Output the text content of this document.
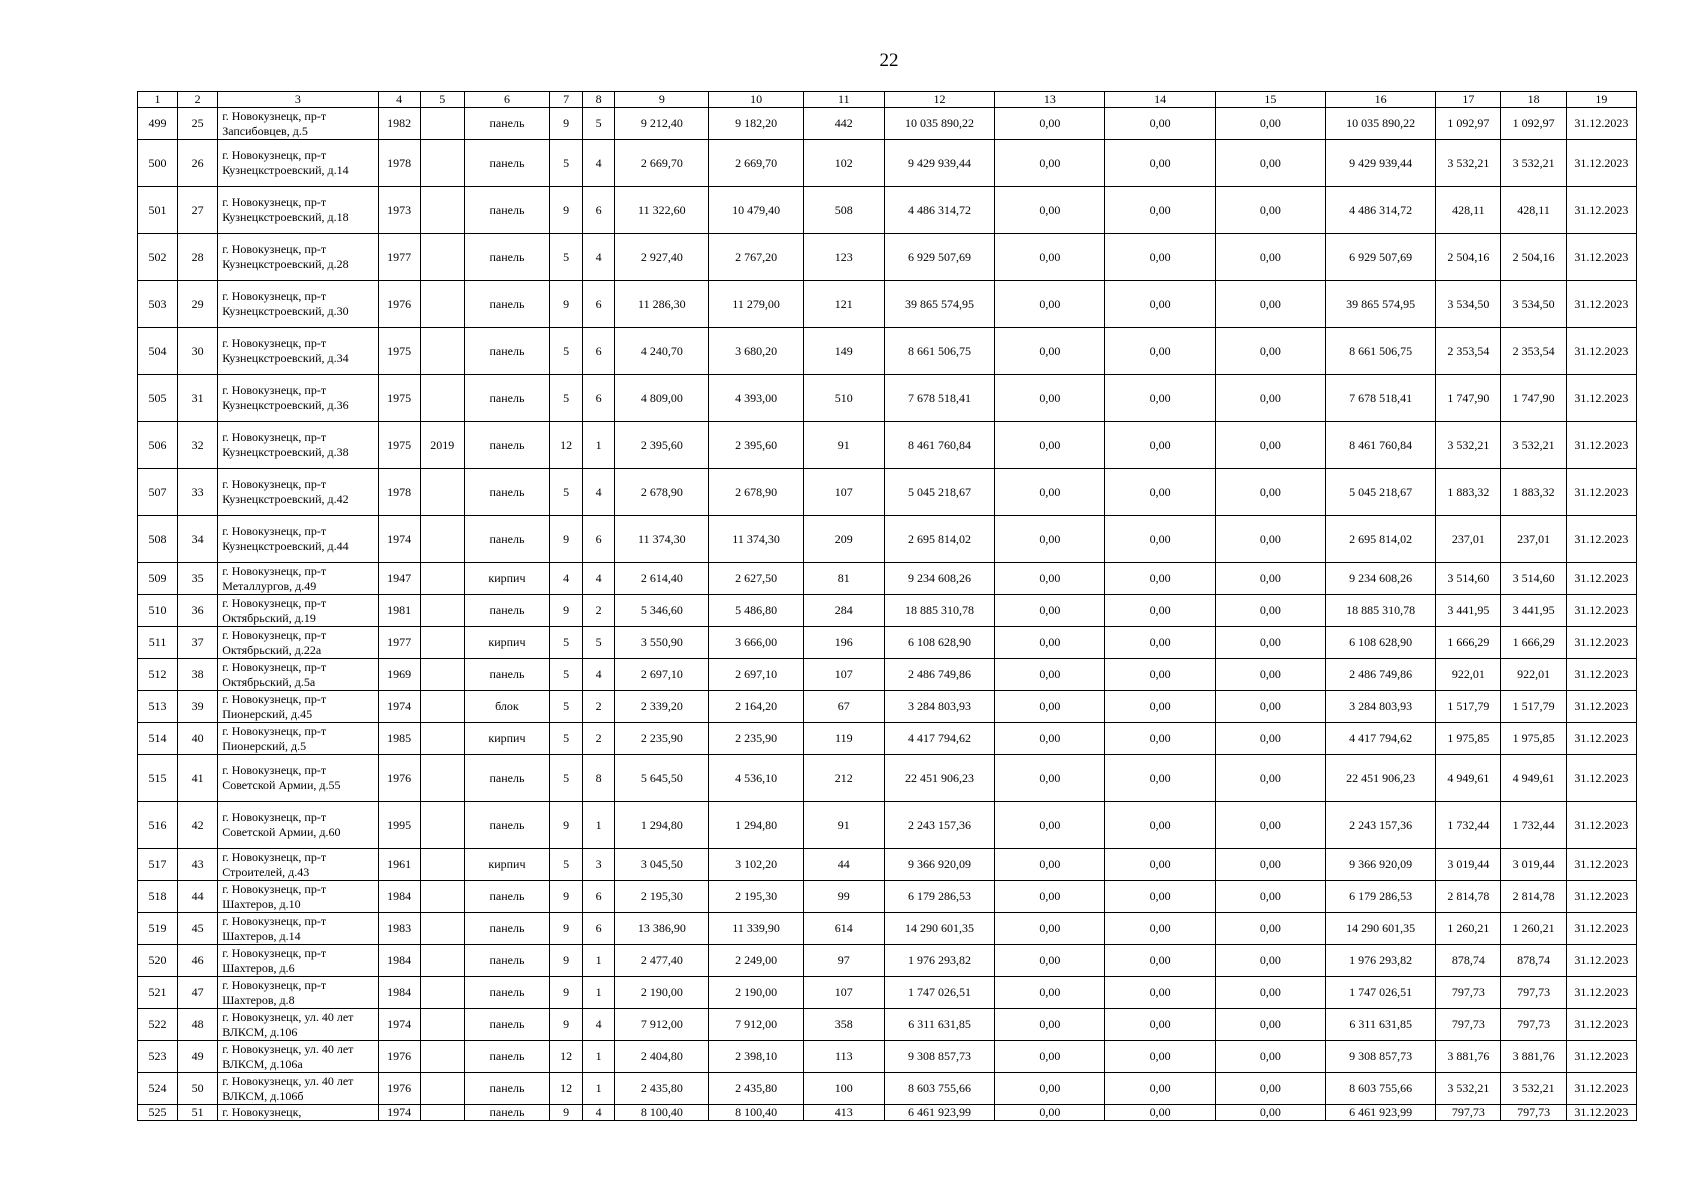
22
1	2	3	4	5	6	7	8	9	10	11	12	13	14	15	16	17	18	19
499	25	г. Новокузнецк, пр-т Запсибовцев, д.5	1982		панель	9	5	9 212,40	9 182,20	442	10 035 890,22	0,00	0,00	0,00	10 035 890,22	1 092,97	1 092,97	31.12.2023
500	26	г. Новокузнецк, пр-т Кузнецкстроевский, д.14	1978		панель	5	4	2 669,70	2 669,70	102	9 429 939,44	0,00	0,00	0,00	9 429 939,44	3 532,21	3 532,21	31.12.2023
501	27	г. Новокузнецк, пр-т Кузнецкстроевский, д.18	1973		панель	9	6	11 322,60	10 479,40	508	4 486 314,72	0,00	0,00	0,00	4 486 314,72	428,11	428,11	31.12.2023
502	28	г. Новокузнецк, пр-т Кузнецкстроевский, д.28	1977		панель	5	4	2 927,40	2 767,20	123	6 929 507,69	0,00	0,00	0,00	6 929 507,69	2 504,16	2 504,16	31.12.2023
503	29	г. Новокузнецк, пр-т Кузнецкстроевский, д.30	1976		панель	9	6	11 286,30	11 279,00	121	39 865 574,95	0,00	0,00	0,00	39 865 574,95	3 534,50	3 534,50	31.12.2023
504	30	г. Новокузнецк, пр-т Кузнецкстроевский, д.34	1975		панель	5	6	4 240,70	3 680,20	149	8 661 506,75	0,00	0,00	0,00	8 661 506,75	2 353,54	2 353,54	31.12.2023
505	31	г. Новокузнецк, пр-т Кузнецкстроевский, д.36	1975		панель	5	6	4 809,00	4 393,00	510	7 678 518,41	0,00	0,00	0,00	7 678 518,41	1 747,90	1 747,90	31.12.2023
506	32	г. Новокузнецк, пр-т Кузнецкстроевский, д.38	1975	2019	панель	12	1	2 395,60	2 395,60	91	8 461 760,84	0,00	0,00	0,00	8 461 760,84	3 532,21	3 532,21	31.12.2023
507	33	г. Новокузнецк, пр-т Кузнецкстроевский, д.42	1978		панель	5	4	2 678,90	2 678,90	107	5 045 218,67	0,00	0,00	0,00	5 045 218,67	1 883,32	1 883,32	31.12.2023
508	34	г. Новокузнецк, пр-т Кузнецкстроевский, д.44	1974		панель	9	6	11 374,30	11 374,30	209	2 695 814,02	0,00	0,00	0,00	2 695 814,02	237,01	237,01	31.12.2023
509	35	г. Новокузнецк, пр-т Металлургов, д.49	1947		кирпич	4	4	2 614,40	2 627,50	81	9 234 608,26	0,00	0,00	0,00	9 234 608,26	3 514,60	3 514,60	31.12.2023
510	36	г. Новокузнецк, пр-т Октябрьский, д.19	1981		панель	9	2	5 346,60	5 486,80	284	18 885 310,78	0,00	0,00	0,00	18 885 310,78	3 441,95	3 441,95	31.12.2023
511	37	г. Новокузнецк, пр-т Октябрьский, д.22а	1977		кирпич	5	5	3 550,90	3 666,00	196	6 108 628,90	0,00	0,00	0,00	6 108 628,90	1 666,29	1 666,29	31.12.2023
512	38	г. Новокузнецк, пр-т Октябрьский, д.5а	1969		панель	5	4	2 697,10	2 697,10	107	2 486 749,86	0,00	0,00	0,00	2 486 749,86	922,01	922,01	31.12.2023
513	39	г. Новокузнецк, пр-т Пионерский, д.45	1974		блок	5	2	2 339,20	2 164,20	67	3 284 803,93	0,00	0,00	0,00	3 284 803,93	1 517,79	1 517,79	31.12.2023
514	40	г. Новокузнецк, пр-т Пионерский, д.5	1985		кирпич	5	2	2 235,90	2 235,90	119	4 417 794,62	0,00	0,00	0,00	4 417 794,62	1 975,85	1 975,85	31.12.2023
515	41	г. Новокузнецк, пр-т Советской Армии, д.55	1976		панель	5	8	5 645,50	4 536,10	212	22 451 906,23	0,00	0,00	0,00	22 451 906,23	4 949,61	4 949,61	31.12.2023
516	42	г. Новокузнецк, пр-т Советской Армии, д.60	1995		панель	9	1	1 294,80	1 294,80	91	2 243 157,36	0,00	0,00	0,00	2 243 157,36	1 732,44	1 732,44	31.12.2023
517	43	г. Новокузнецк, пр-т Строителей, д.43	1961		кирпич	5	3	3 045,50	3 102,20	44	9 366 920,09	0,00	0,00	0,00	9 366 920,09	3 019,44	3 019,44	31.12.2023
518	44	г. Новокузнецк, пр-т Шахтеров, д.10	1984		панель	9	6	2 195,30	2 195,30	99	6 179 286,53	0,00	0,00	0,00	6 179 286,53	2 814,78	2 814,78	31.12.2023
519	45	г. Новокузнецк, пр-т Шахтеров, д.14	1983		панель	9	6	13 386,90	11 339,90	614	14 290 601,35	0,00	0,00	0,00	14 290 601,35	1 260,21	1 260,21	31.12.2023
520	46	г. Новокузнецк, пр-т Шахтеров, д.6	1984		панель	9	1	2 477,40	2 249,00	97	1 976 293,82	0,00	0,00	0,00	1 976 293,82	878,74	878,74	31.12.2023
521	47	г. Новокузнецк, пр-т Шахтеров, д.8	1984		панель	9	1	2 190,00	2 190,00	107	1 747 026,51	0,00	0,00	0,00	1 747 026,51	797,73	797,73	31.12.2023
522	48	г. Новокузнецк, ул. 40 лет ВЛКСМ, д.106	1974		панель	9	4	7 912,00	7 912,00	358	6 311 631,85	0,00	0,00	0,00	6 311 631,85	797,73	797,73	31.12.2023
523	49	г. Новокузнецк, ул. 40 лет ВЛКСМ, д.106а	1976		панель	12	1	2 404,80	2 398,10	113	9 308 857,73	0,00	0,00	0,00	9 308 857,73	3 881,76	3 881,76	31.12.2023
524	50	г. Новокузнецк, ул. 40 лет ВЛКСМ, д.106б	1976		панель	12	1	2 435,80	2 435,80	100	8 603 755,66	0,00	0,00	0,00	8 603 755,66	3 532,21	3 532,21	31.12.2023
525	51	г. Новокузнецк,	1974		панель	9	4	8 100,40	8 100,40	413	6 461 923,99	0,00	0,00	0,00	6 461 923,99	797,73	797,73	31.12.2023
